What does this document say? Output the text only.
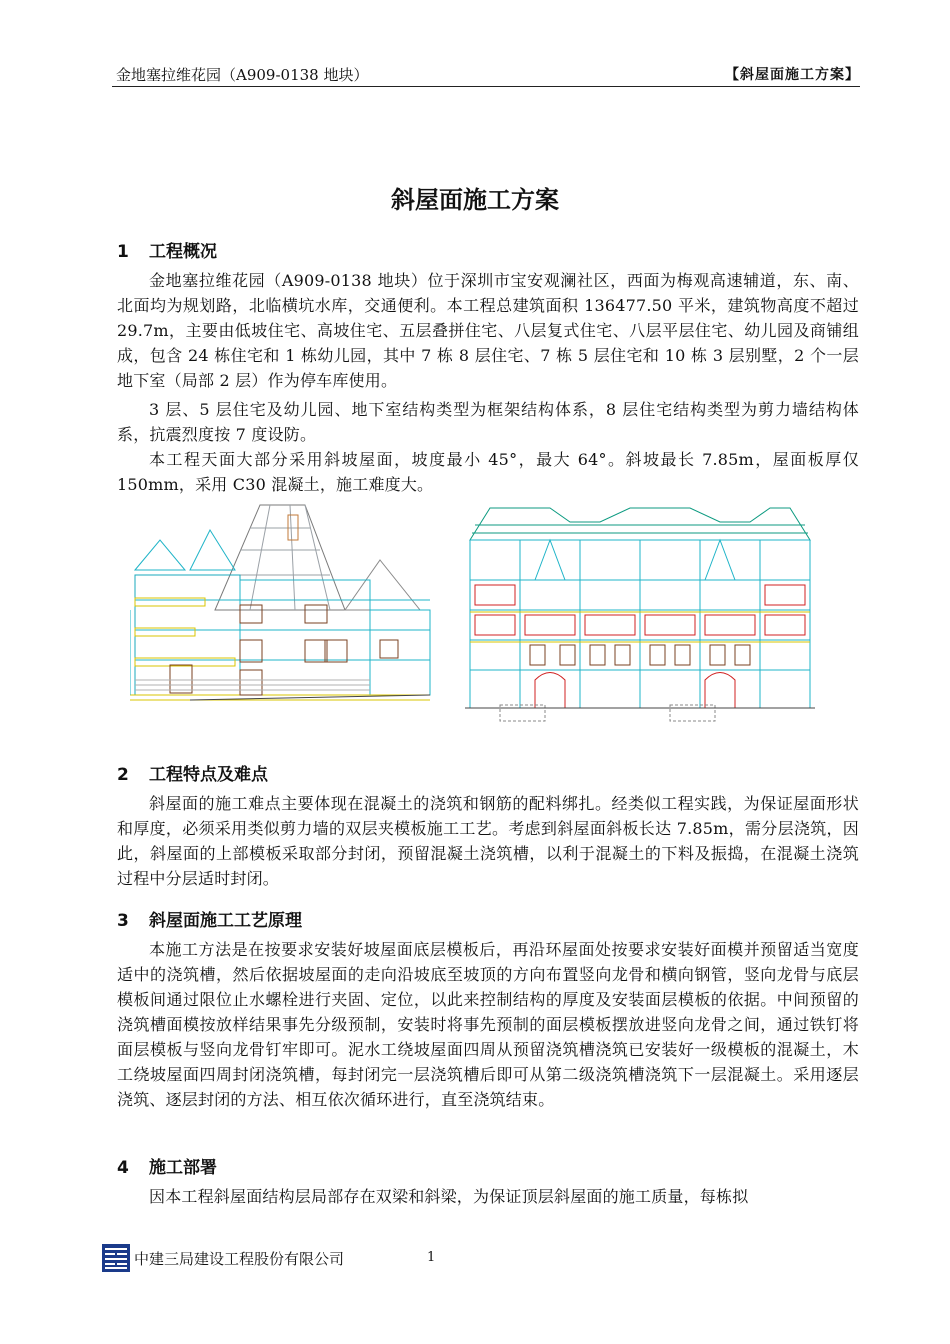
金地塞拉维花园（A909-0138 地块）	【斜屋面施工方案】
斜屋面施工方案
1 工程概况
金地塞拉维花园（A909-0138 地块）位于深圳市宝安观澜社区，西面为梅观高速辅道，东、南、北面均为规划路，北临横坑水库，交通便利。本工程总建筑面积 136477.50 平米，建筑物高度不超过 29.7m，主要由低坡住宅、高坡住宅、五层叠拼住宅、八层复式住宅、八层平层住宅、幼儿园及商铺组成，包含 24 栋住宅和 1 栋幼儿园，其中 7 栋 8 层住宅、7 栋 5 层住宅和 10 栋 3 层别墅，2 个一层地下室（局部 2 层）作为停车库使用。
3 层、5 层住宅及幼儿园、地下室结构类型为框架结构体系，8 层住宅结构类型为剪力墙结构体系，抗震烈度按 7 度设防。
本工程天面大部分采用斜坡屋面，坡度最小 45°，最大 64°。斜坡最长 7.85m，屋面板厚仅 150mm，采用 C30 混凝土，施工难度大。
2 工程特点及难点
斜屋面的施工难点主要体现在混凝土的浇筑和钢筋的配料绑扎。经类似工程实践，为保证屋面形状和厚度，必须采用类似剪力墙的双层夹模板施工工艺。考虑到斜屋面斜板长达 7.85m，需分层浇筑，因此，斜屋面的上部模板采取部分封闭，预留混凝土浇筑槽，以利于混凝土的下料及振捣，在混凝土浇筑过程中分层适时封闭。
3 斜屋面施工工艺原理
本施工方法是在按要求安装好坡屋面底层模板后，再沿环屋面处按要求安装好面模并预留适当宽度适中的浇筑槽，然后依据坡屋面的走向沿坡底至坡顶的方向布置竖向龙骨和横向钢管，竖向龙骨与底层模板间通过限位止水螺栓进行夹固、定位，以此来控制结构的厚度及安装面层模板的依据。中间预留的浇筑槽面模按放样结果事先分级预制，安装时将事先预制的面层模板摆放进竖向龙骨之间，通过铁钉将面层模板与竖向龙骨钉牢即可。泥水工绕坡屋面四周从预留浇筑槽浇筑已安装好一级模板的混凝土，木工绕坡屋面四周封闭浇筑槽，每封闭完一层浇筑槽后即可从第二级浇筑槽浇筑下一层混凝土。采用逐层浇筑、逐层封闭的方法、相互依次循环进行，直至浇筑结束。
4 施工部署
因本工程斜屋面结构层局部存在双梁和斜梁，为保证顶层斜屋面的施工质量，每栋拟
中建三局建设工程股份有限公司	1
